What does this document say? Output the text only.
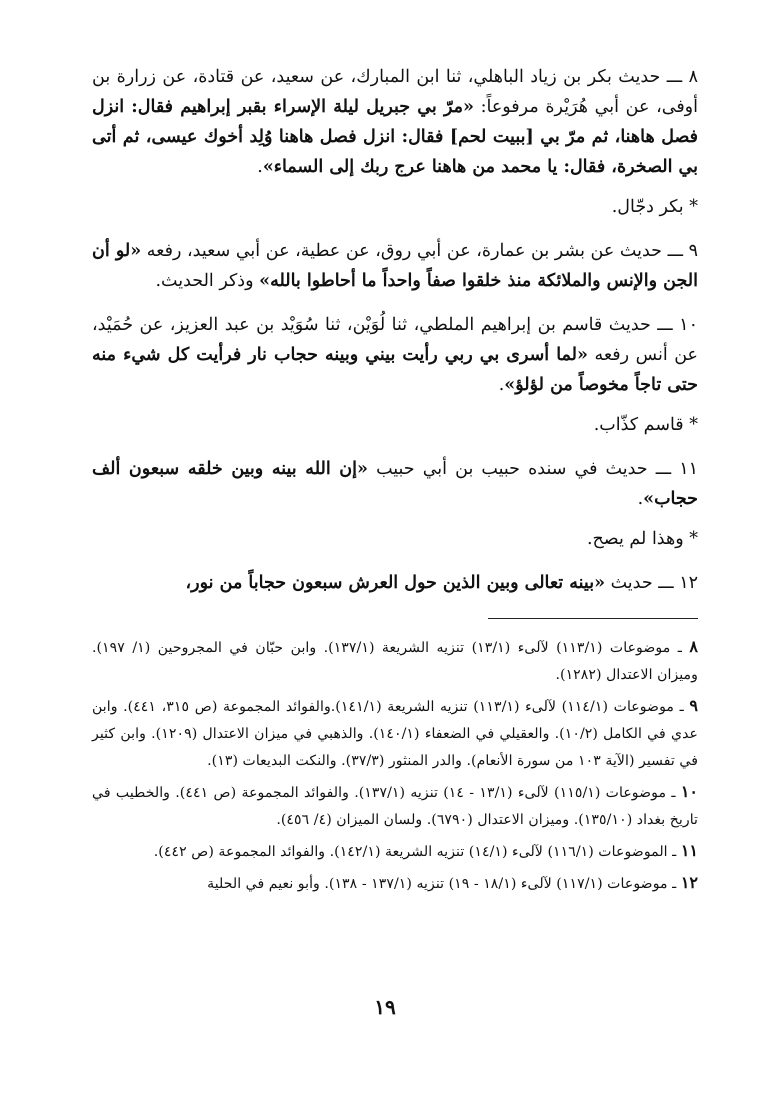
٨ ـــ حديث بكر بن زياد الباهلي، ثنا ابن المبارك، عن سعيد، عن قتادة، عن زرارة بن أوفى، عن أبي هُرَيْرة مرفوعاً: «مرّ بي جبريل ليلة الإسراء بقبر إبراهيم فقال: انزل فصل هاهنا، ثم مرّ بي [ببيت لحم] فقال: انزل فصل هاهنا وُلِد أخوك عيسى، ثم أتى بي الصخرة، فقال: يا محمد من هاهنا عرج ربك إلى السماء».

* بكر دجّال.

٩ ـــ حديث عن بشر بن عمارة، عن أبي روق، عن عطية، عن أبي سعيد، رفعه «لو أن الجن والإنس والملائكة منذ خلقوا صفاً واحداً ما أحاطوا بالله» وذكر الحديث.

١٠ ـــ حديث قاسم بن إبراهيم الملطي، ثنا لُوَيْن، ثنا سُوَيْد بن عبد العزيز، عن حُمَيْد، عن أنس رفعه «لما أسرى بي ربي رأيت بيني وبينه حجاب نار فرأيت كل شيء منه حتى تاجاً مخوصاً من لؤلؤ».

* قاسم كذّاب.

١١ ـــ حديث في سنده حبيب بن أبي حبيب «إن الله بينه وبين خلقه سبعون ألف حجاب».

* وهذا لم يصح.

١٢ ـــ حديث «بينه تعالى وبين الذين حول العرش سبعون حجاباً من نور،

٨ ـ موضوعات (١١٣/١) لآلىء (١٣/١) تنزيه الشريعة (١٣٧/١). وابن حبّان في المجروحين (١/ ١٩٧). وميزان الاعتدال (١٢٨٢).

٩ ـ موضوعات (١١٤/١) لآلىء (١١٣/١) تنزيه الشريعة (١٤١/١).والفوائد المجموعة (ص ٣١٥، ٤٤١). وابن عدي في الكامل (١٠/٢). والعقيلي في الضعفاء (١٤٠/١). والذهبي في ميزان الاعتدال (١٢٠٩). وابن كثير في تفسير (الآية ١٠٣ من سورة الأنعام). والدر المنثور (٣٧/٣). والنكت البديعات (١٣).

١٠ ـ موضوعات (١١٥/١) لآلىء (١٣/١ - ١٤) تنزيه (١٣٧/١). والفوائد المجموعة (ص ٤٤١). والخطيب في تاريخ بغداد (١٣٥/١٠). وميزان الاعتدال (٦٧٩٠). ولسان الميزان (٤/ ٤٥٦).

١١ ـ الموضوعات (١١٦/١) لآلىء (١٤/١) تنزيه الشريعة (١٤٢/١). والفوائد المجموعة (ص ٤٤٢).

١٢ ـ موضوعات (١١٧/١) لآلىء (١٨/١ - ١٩) تنزيه (١٣٧/١ - ١٣٨). وأبو نعيم في الحلية

١٩
